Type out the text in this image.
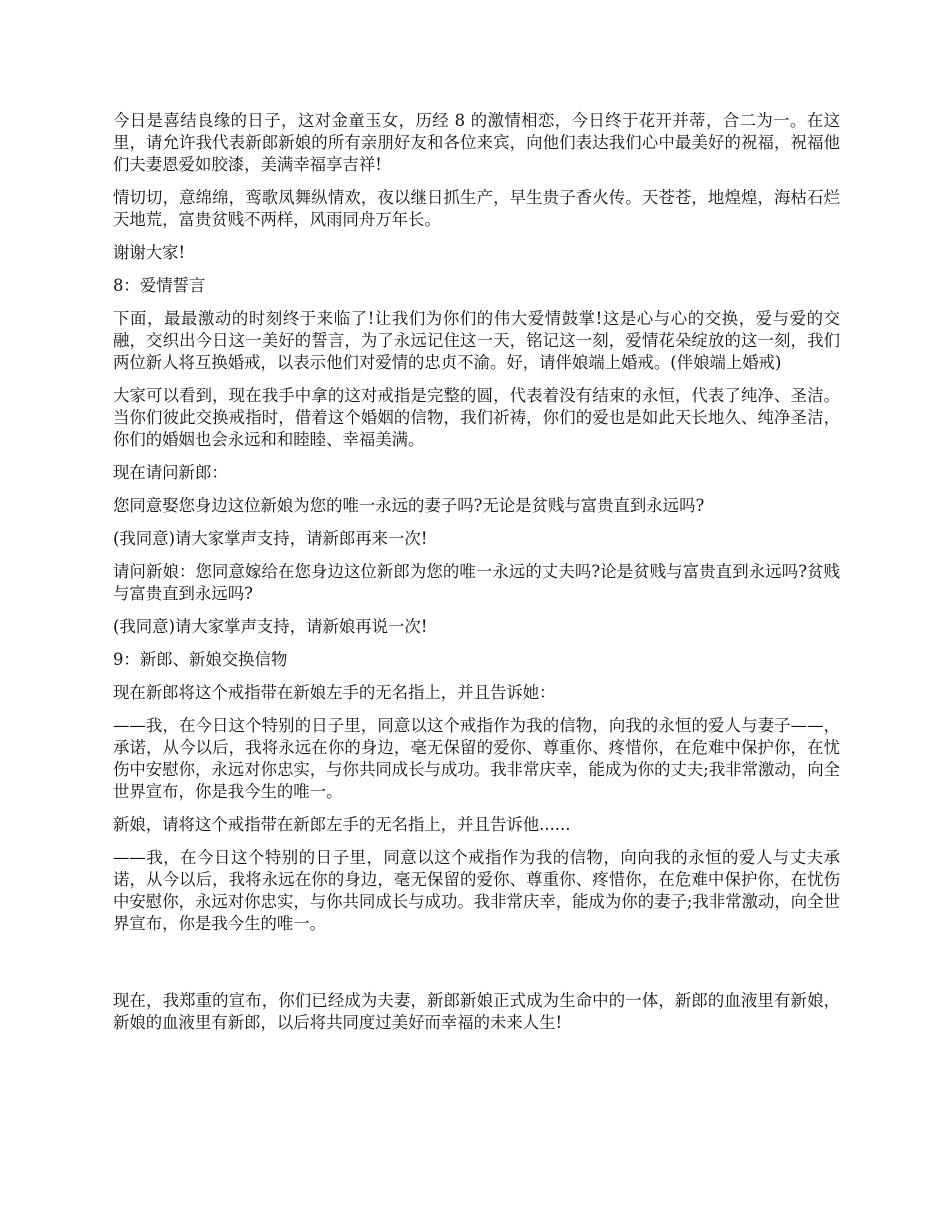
今日是喜结良缘的日子，这对金童玉女，历经 8 的激情相恋，今日终于花开并蒂，合二为一。在这里，请允许我代表新郎新娘的所有亲朋好友和各位来宾，向他们表达我们心中最美好的祝福，祝福他们夫妻恩爱如胶漆，美满幸福享吉祥!

情切切，意绵绵，鸾歌凤舞纵情欢，夜以继日抓生产，早生贵子香火传。天苍苍，地煌煌，海枯石烂天地荒，富贵贫贱不两样，风雨同舟万年长。

谢谢大家!

8：爱情誓言

下面，最最激动的时刻终于来临了!让我们为你们的伟大爱情鼓掌!这是心与心的交换，爱与爱的交融，交织出今日这一美好的誓言，为了永远记住这一天，铭记这一刻，爱情花朵绽放的这一刻，我们两位新人将互换婚戒，以表示他们对爱情的忠贞不渝。好，请伴娘端上婚戒。(伴娘端上婚戒)

大家可以看到，现在我手中拿的这对戒指是完整的圆，代表着没有结束的永恒，代表了纯净、圣洁。当你们彼此交换戒指时，借着这个婚姻的信物，我们祈祷，你们的爱也是如此天长地久、纯净圣洁，你们的婚姻也会永远和和睦睦、幸福美满。

现在请问新郎：

您同意娶您身边这位新娘为您的唯一永远的妻子吗?无论是贫贱与富贵直到永远吗?

(我同意)请大家掌声支持，请新郎再来一次!

请问新娘：您同意嫁给在您身边这位新郎为您的唯一永远的丈夫吗?论是贫贱与富贵直到永远吗?贫贱与富贵直到永远吗?

(我同意)请大家掌声支持，请新娘再说一次!

9：新郎、新娘交换信物

现在新郎将这个戒指带在新娘左手的无名指上，并且告诉她：

——我，在今日这个特别的日子里，同意以这个戒指作为我的信物，向我的永恒的爱人与妻子——，承诺，从今以后，我将永远在你的身边，毫无保留的爱你、尊重你、疼惜你，在危难中保护你，在忧伤中安慰你，永远对你忠实，与你共同成长与成功。我非常庆幸，能成为你的丈夫;我非常激动，向全世界宣布，你是我今生的唯一。

新娘，请将这个戒指带在新郎左手的无名指上，并且告诉他......

——我，在今日这个特别的日子里，同意以这个戒指作为我的信物，向向我的永恒的爱人与丈夫承诺，从今以后，我将永远在你的身边，毫无保留的爱你、尊重你、疼惜你，在危难中保护你，在忧伤中安慰你，永远对你忠实，与你共同成长与成功。我非常庆幸，能成为你的妻子;我非常激动，向全世界宣布，你是我今生的唯一。

现在，我郑重的宣布，你们已经成为夫妻，新郎新娘正式成为生命中的一体，新郎的血液里有新娘，新娘的血液里有新郎，以后将共同度过美好而幸福的未来人生!
